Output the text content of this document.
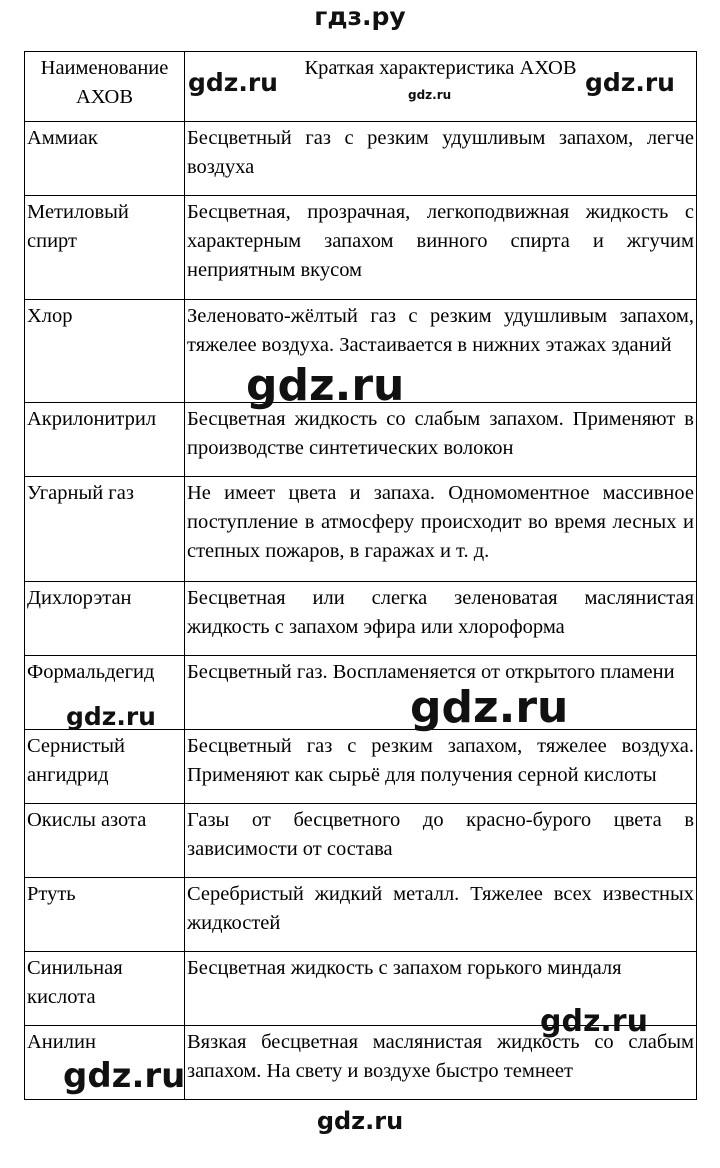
гдз.ру
Наименование АХОВ	Краткая характеристика АХОВ
Аммиак	Бесцветный газ с резким удушливым запахом, легче воздуха
Метиловый спирт	Бесцветная, прозрачная, легкоподвижная жидкость с характерным запахом винного спирта и жгучим неприятным вкусом
Хлор	Зеленовато-жёлтый газ с резким удушливым запахом, тяжелее воздуха. Застаивается в нижних этажах зданий
Акрилонитрил	Бесцветная жидкость со слабым запахом. Применяют в производстве синтетических волокон
Угарный газ	Не имеет цвета и запаха. Одномоментное массивное поступление в атмосферу происходит во время лесных и степных пожаров, в гаражах и т. д.
Дихлорэтан	Бесцветная или слегка зеленоватая маслянистая жидкость с запахом эфира или хлороформа
Формальдегид	Бесцветный газ. Воспламеняется от открытого пламени
Сернистый ангидрид	Бесцветный газ с резким запахом, тяжелее воздуха. Применяют как сырьё для получения серной кислоты
Окислы азота	Газы от бесцветного до красно-бурого цвета в зависимости от состава
Ртуть	Серебристый жидкий металл. Тяжелее всех известных жидкостей
Синильная кислота	Бесцветная жидкость с запахом горького миндаля
Анилин	Вязкая бесцветная маслянистая жидкость со слабым запахом. На свету и воздухе быстро темнеет
gdz.ru	gdz.ru	gdz.ru
gdz.ru
gdz.ru	gdz.ru
gdz.ru
gdz.ru
gdz.ru
